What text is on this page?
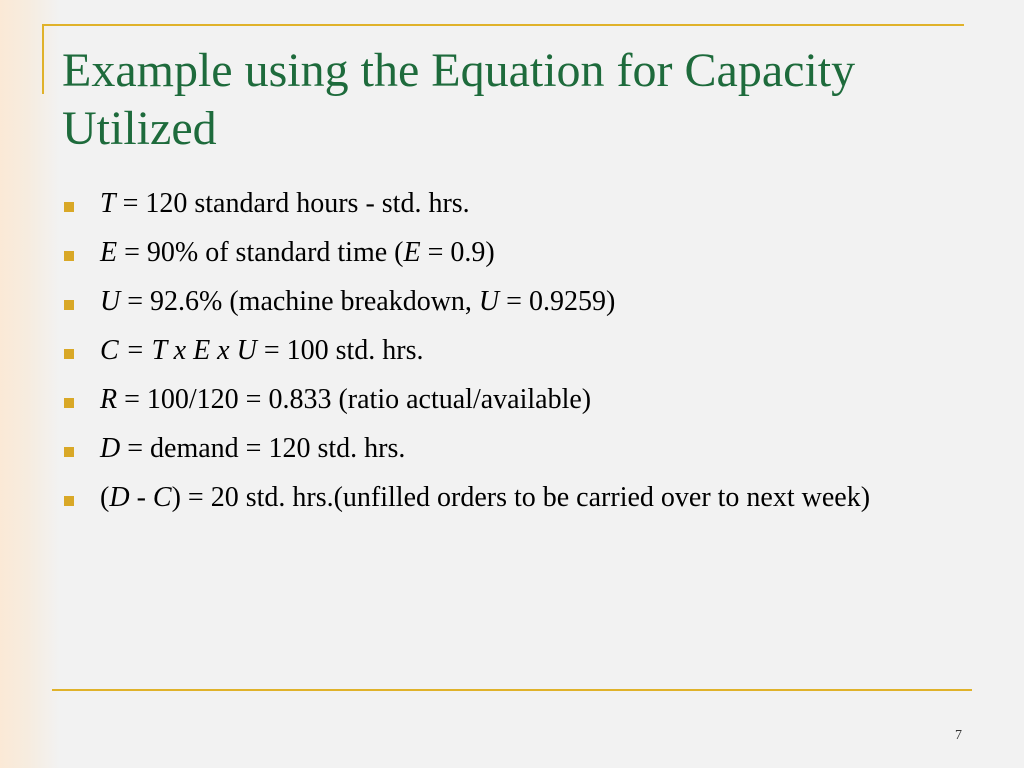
Example using the Equation for Capacity Utilized
T = 120 standard hours - std. hrs.
E = 90% of standard time (E = 0.9)
U = 92.6% (machine breakdown, U = 0.9259)
C = T x E x U = 100 std. hrs.
R = 100/120 = 0.833 (ratio actual/available)
D = demand = 120 std. hrs.
(D - C) = 20 std. hrs.(unfilled orders to be carried over to next week)
7
